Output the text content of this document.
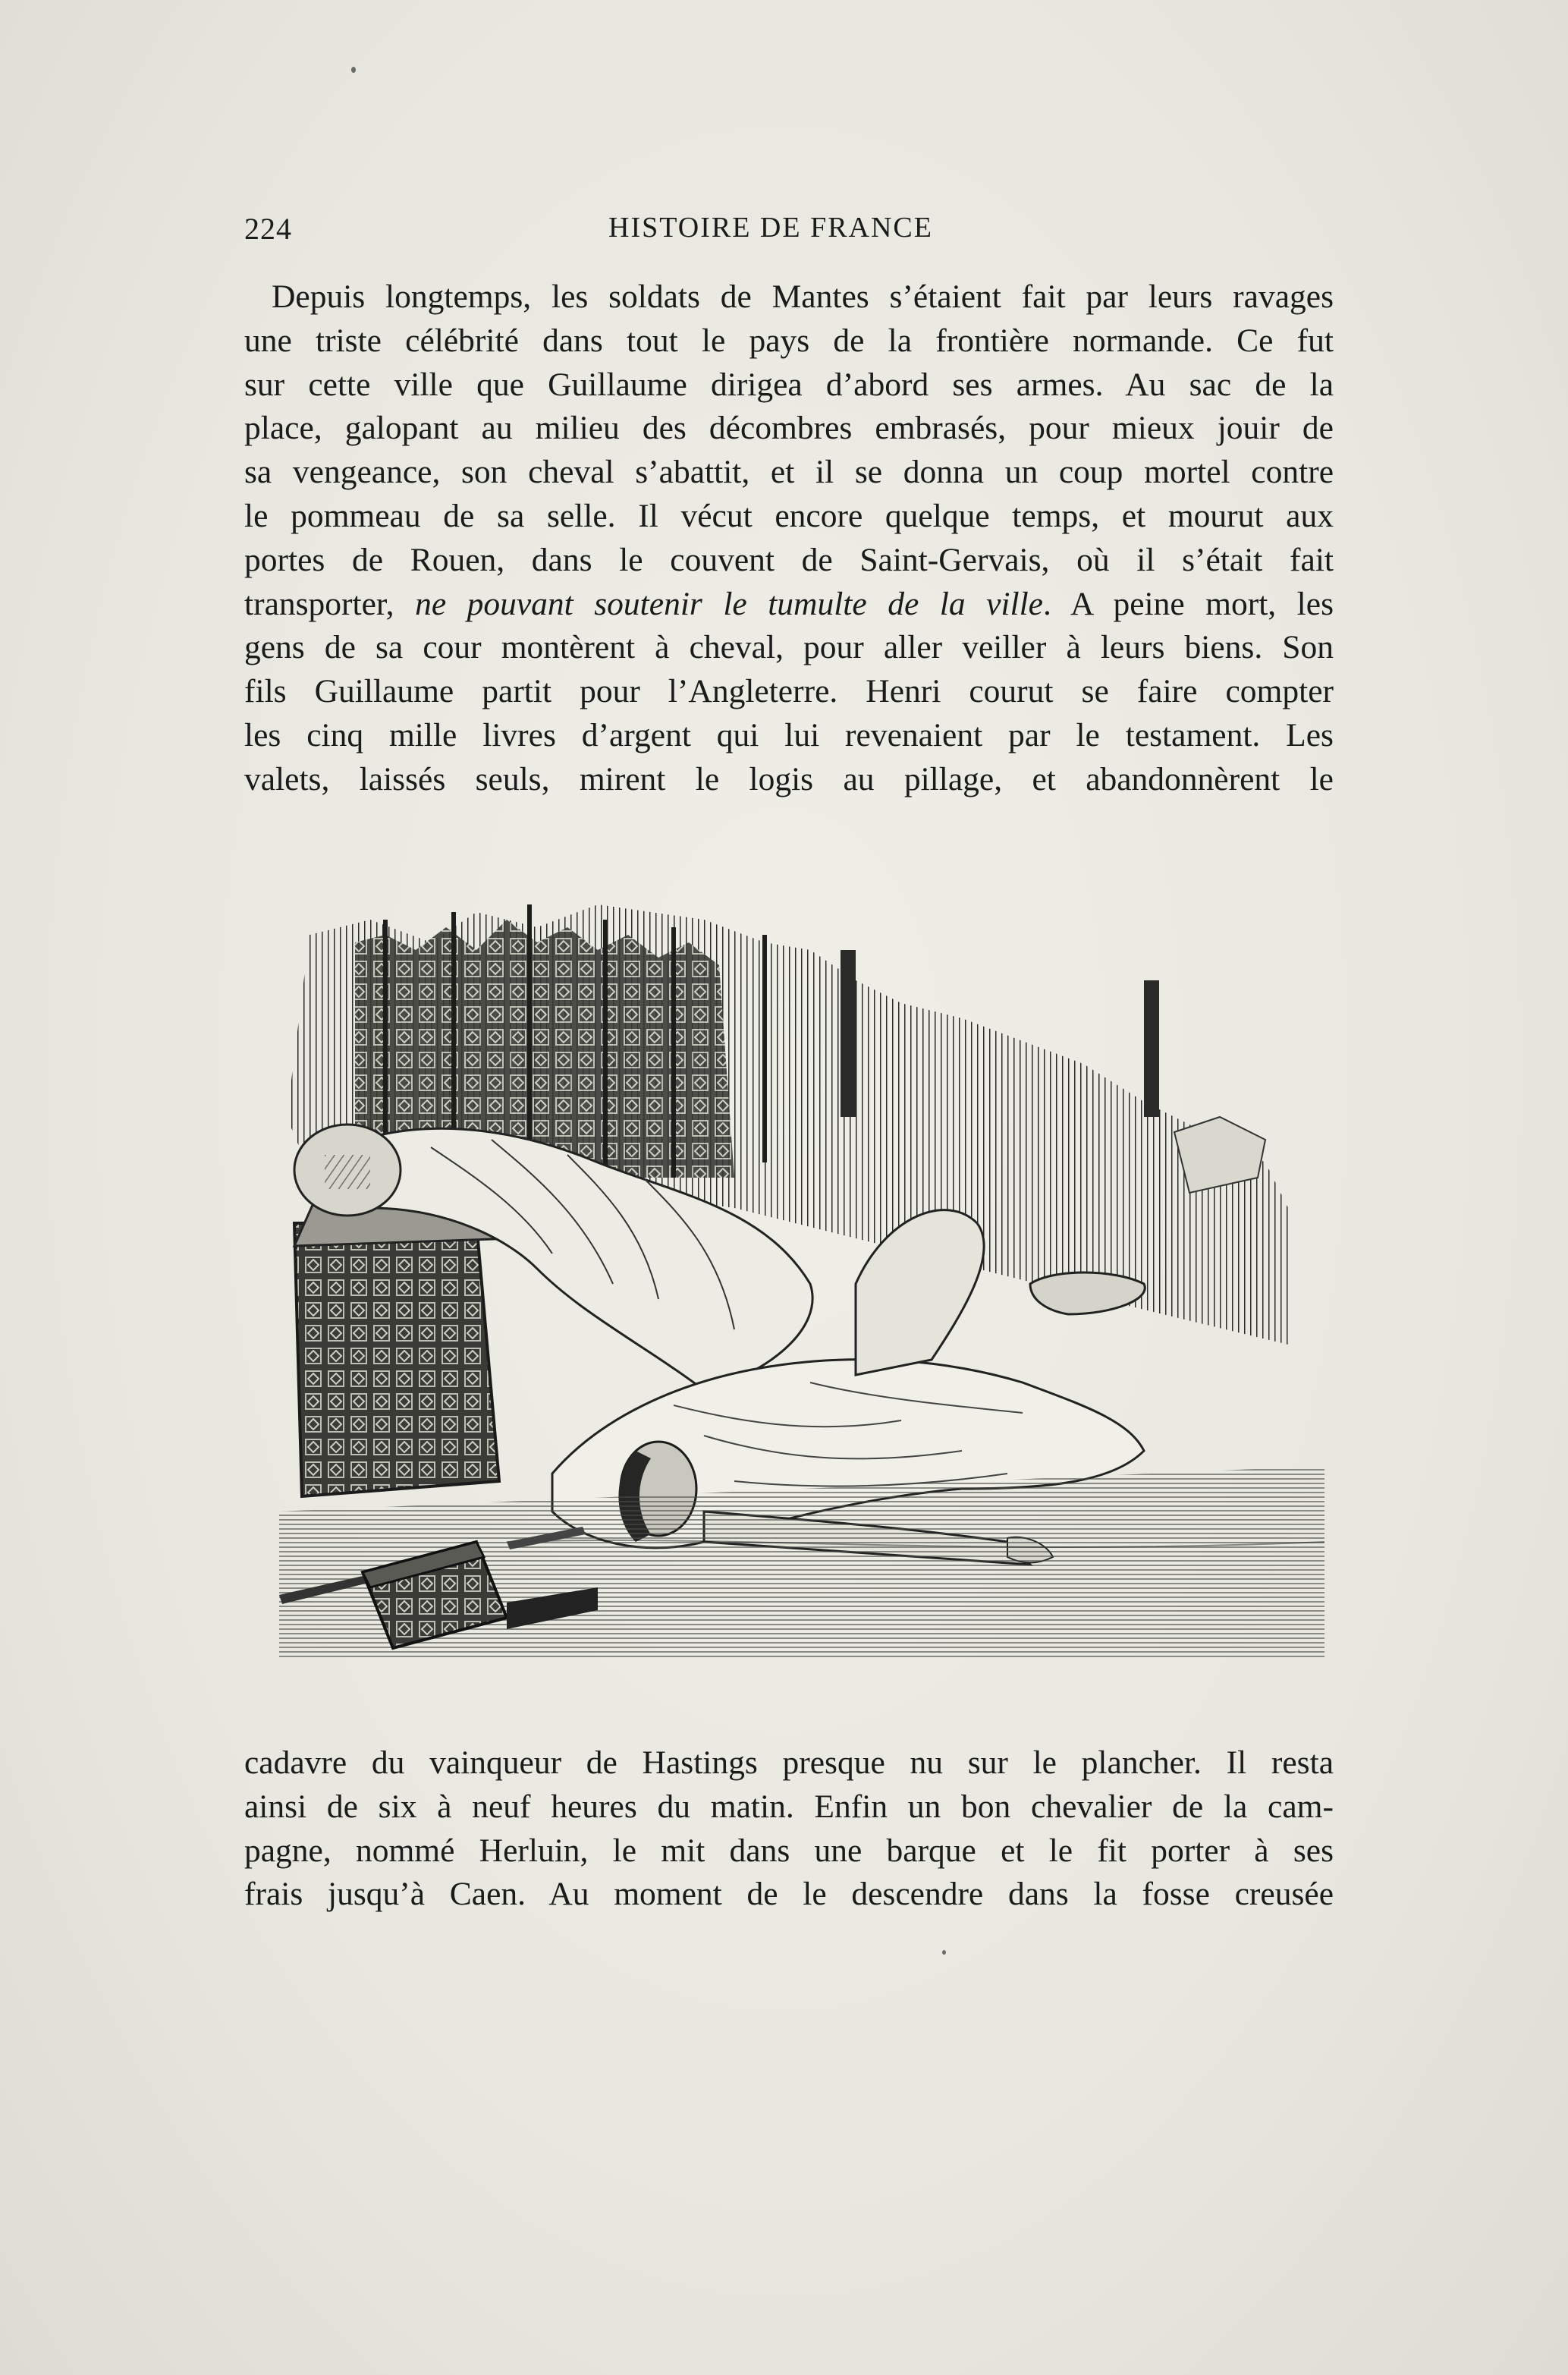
224	HISTOIRE DE FRANCE
Depuis longtemps, les soldats de Mantes s’étaient fait par leurs ravages
une triste célébrité dans tout le pays de la frontière normande. Ce fut
sur cette ville que Guillaume dirigea d’abord ses armes. Au sac de la
place, galopant au milieu des décombres embrasés, pour mieux jouir de
sa vengeance, son cheval s’abattit, et il se donna un coup mortel contre
le pommeau de sa selle. Il vécut encore quelque temps, et mourut aux
portes de Rouen, dans le couvent de Saint-Gervais, où il s’était fait
transporter, ne pouvant soutenir le tumulte de la ville. A peine mort, les
gens de sa cour montèrent à cheval, pour aller veiller à leurs biens. Son
fils Guillaume partit pour l’Angleterre. Henri courut se faire compter
les cinq mille livres d’argent qui lui revenaient par le testament. Les
valets, laissés seuls, mirent le logis au pillage, et abandonnèrent le
cadavre du vainqueur de Hastings presque nu sur le plancher. Il resta
ainsi de six à neuf heures du matin. Enfin un bon chevalier de la cam-
pagne, nommé Herluin, le mit dans une barque et le fit porter à ses
frais jusqu’à Caen. Au moment de le descendre dans la fosse creusée
